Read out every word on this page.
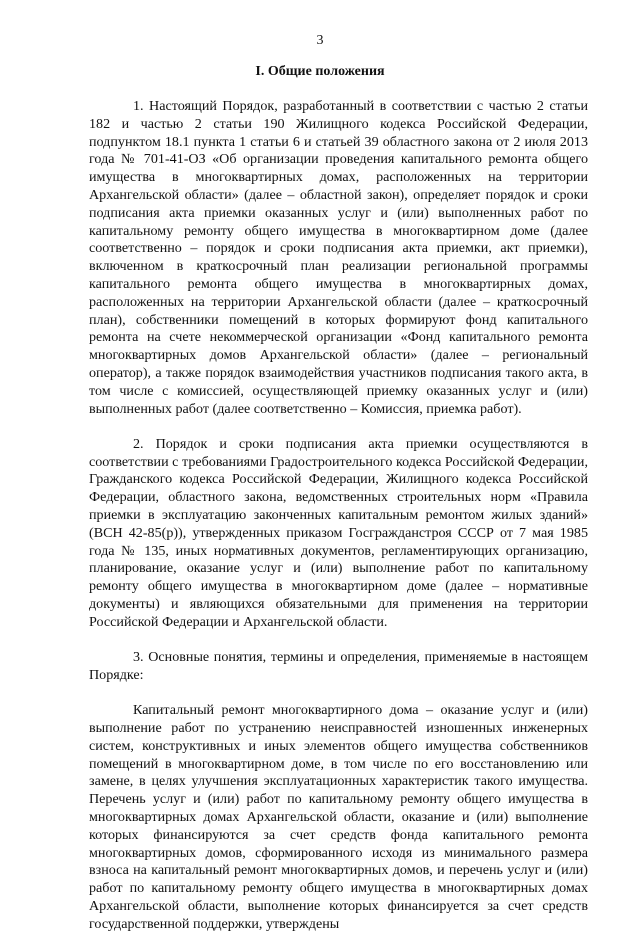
3
I. Общие положения

1. Настоящий Порядок, разработанный в соответствии с частью 2 статьи 182 и частью 2 статьи 190 Жилищного кодекса Российской Федерации, подпунктом 18.1 пункта 1 статьи 6 и статьей 39 областного закона от 2 июля 2013 года № 701-41-ОЗ «Об организации проведения капитального ремонта общего имущества в многоквартирных домах, расположенных на территории Архангельской области» (далее – областной закон), определяет порядок и сроки подписания акта приемки оказанных услуг и (или) выполненных работ по капитальному ремонту общего имущества в многоквартирном доме (далее соответственно – порядок и сроки подписания акта приемки, акт приемки), включенном в краткосрочный план реализации региональной программы капитального ремонта общего имущества в многоквартирных домах, расположенных на территории Архангельской области (далее – краткосрочный план), собственники помещений в которых формируют фонд капитального ремонта на счете некоммерческой организации «Фонд капитального ремонта многоквартирных домов Архангельской области» (далее – региональный оператор), а также порядок взаимодействия участников подписания такого акта, в том числе с комиссией, осуществляющей приемку оказанных услуг и (или) выполненных работ (далее соответственно – Комиссия, приемка работ).

2. Порядок и сроки подписания акта приемки осуществляются в соответствии с требованиями Градостроительного кодекса Российской Федерации, Гражданского кодекса Российской Федерации, Жилищного кодекса Российской Федерации, областного закона, ведомственных строительных норм «Правила приемки в эксплуатацию законченных капитальным ремонтом жилых зданий» (ВСН 42-85(р)), утвержденных приказом Госгражданстроя СССР от 7 мая 1985 года № 135, иных нормативных документов, регламентирующих организацию, планирование, оказание услуг и (или) выполнение работ по капитальному ремонту общего имущества в многоквартирном доме (далее – нормативные документы) и являющихся обязательными для применения на территории Российской Федерации и Архангельской области.

3. Основные понятия, термины и определения, применяемые в настоящем Порядке:

Капитальный ремонт многоквартирного дома – оказание услуг и (или) выполнение работ по устранению неисправностей изношенных инженерных систем, конструктивных и иных элементов общего имущества собственников помещений в многоквартирном доме, в том числе по его восстановлению или замене, в целях улучшения эксплуатационных характеристик такого имущества. Перечень услуг и (или) работ по капитальному ремонту общего имущества в многоквартирных домах Архангельской области, оказание и (или) выполнение которых финансируются за счет средств фонда капитального ремонта многоквартирных домов, сформированного исходя из минимального размера взноса на капитальный ремонт многоквартирных домов, и перечень услуг и (или) работ по капитальному ремонту общего имущества в многоквартирных домах Архангельской области, выполнение которых финансируется за счет средств государственной поддержки, утверждены
